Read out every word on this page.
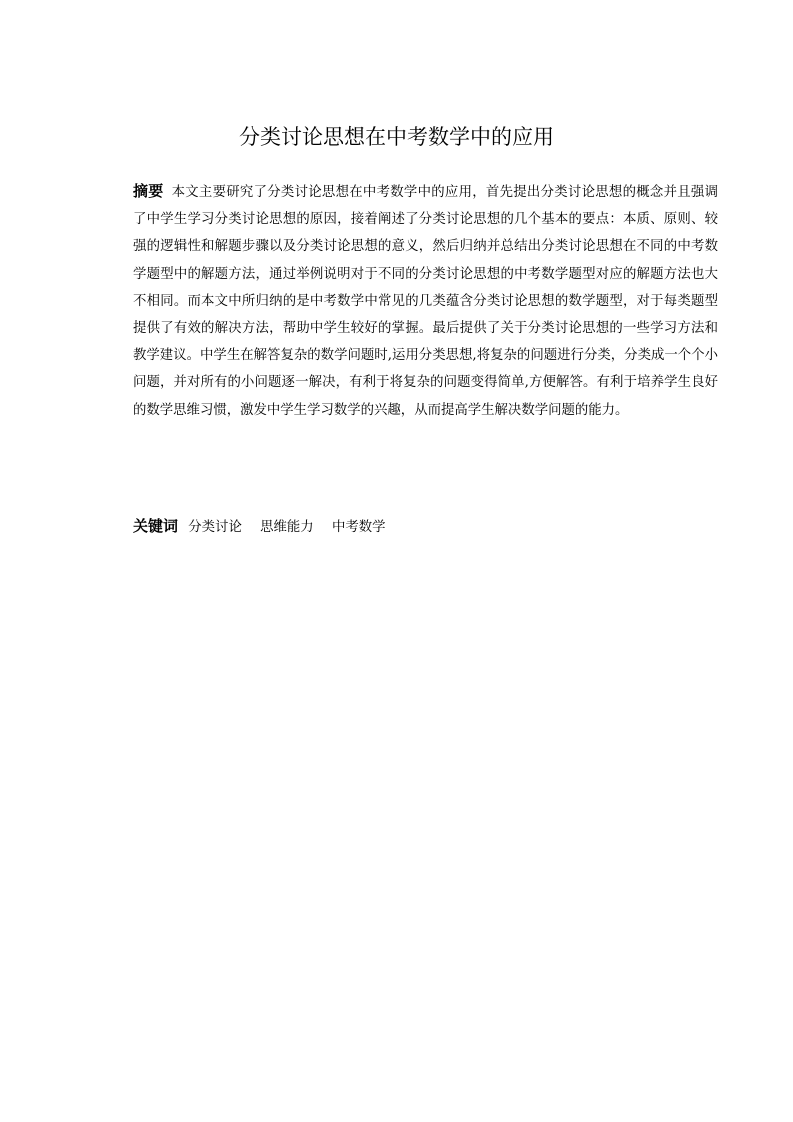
分类讨论思想在中考数学中的应用

摘要 本文主要研究了分类讨论思想在中考数学中的应用，首先提出分类讨论思想的概念并且强调了中学生学习分类讨论思想的原因，接着阐述了分类讨论思想的几个基本的要点：本质、原则、较强的逻辑性和解题步骤以及分类讨论思想的意义，然后归纳并总结出分类讨论思想在不同的中考数学题型中的解题方法，通过举例说明对于不同的分类讨论思想的中考数学题型对应的解题方法也大不相同。而本文中所归纳的是中考数学中常见的几类蕴含分类讨论思想的数学题型，对于每类题型提供了有效的解决方法，帮助中学生较好的掌握。最后提供了关于分类讨论思想的一些学习方法和教学建议。中学生在解答复杂的数学问题时,运用分类思想,将复杂的问题进行分类，分类成一个个小问题，并对所有的小问题逐一解决，有利于将复杂的问题变得简单,方便解答。有利于培养学生良好的数学思维习惯，激发中学生学习数学的兴趣，从而提高学生解决数学问题的能力。

关键词 分类讨论 思维能力 中考数学
